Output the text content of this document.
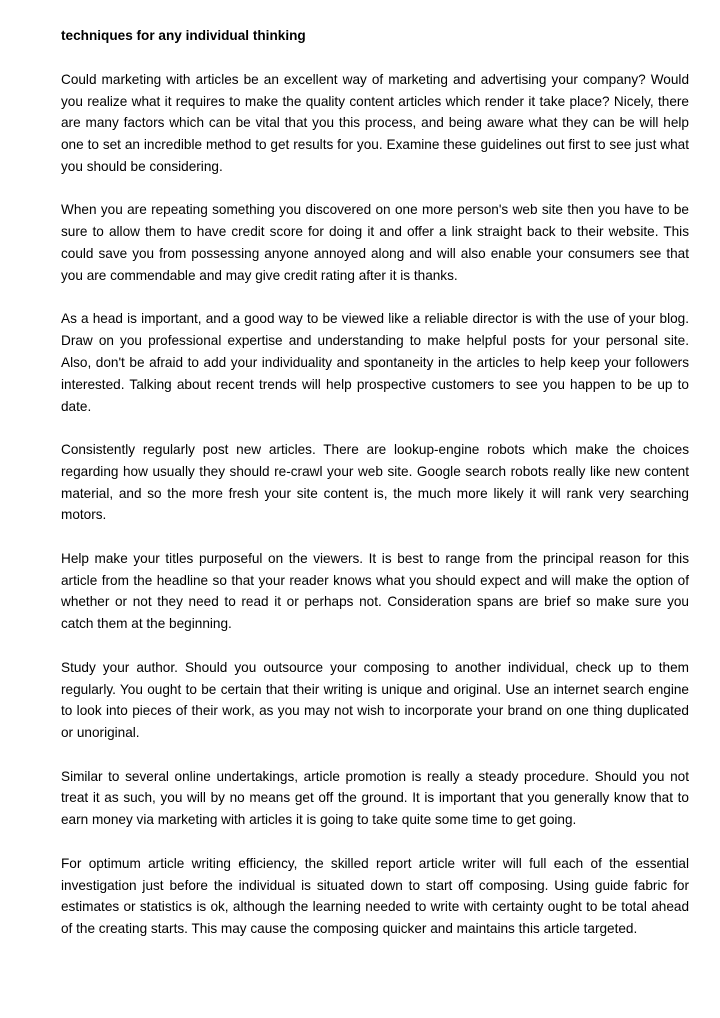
techniques for any individual thinking

Could marketing with articles be an excellent way of marketing and advertising your company? Would you realize what it requires to make the quality content articles which render it take place? Nicely, there are many factors which can be vital that you this process, and being aware what they can be will help one to set an incredible method to get results for you. Examine these guidelines out first to see just what you should be considering.

When you are repeating something you discovered on one more person's web site then you have to be sure to allow them to have credit score for doing it and offer a link straight back to their website. This could save you from possessing anyone annoyed along and will also enable your consumers see that you are commendable and may give credit rating after it is thanks.

As a head is important, and a good way to be viewed like a reliable director is with the use of your blog. Draw on you professional expertise and understanding to make helpful posts for your personal site. Also, don't be afraid to add your individuality and spontaneity in the articles to help keep your followers interested. Talking about recent trends will help prospective customers to see you happen to be up to date.

Consistently regularly post new articles. There are lookup-engine robots which make the choices regarding how usually they should re-crawl your web site. Google search robots really like new content material, and so the more fresh your site content is, the much more likely it will rank very searching motors.

Help make your titles purposeful on the viewers. It is best to range from the principal reason for this article from the headline so that your reader knows what you should expect and will make the option of whether or not they need to read it or perhaps not. Consideration spans are brief so make sure you catch them at the beginning.

Study your author. Should you outsource your composing to another individual, check up to them regularly. You ought to be certain that their writing is unique and original. Use an internet search engine to look into pieces of their work, as you may not wish to incorporate your brand on one thing duplicated or unoriginal.

Similar to several online undertakings, article promotion is really a steady procedure. Should you not treat it as such, you will by no means get off the ground. It is important that you generally know that to earn money via marketing with articles it is going to take quite some time to get going.

For optimum article writing efficiency, the skilled report article writer will full each of the essential investigation just before the individual is situated down to start off composing. Using guide fabric for estimates or statistics is ok, although the learning needed to write with certainty ought to be total ahead of the creating starts. This may cause the composing quicker and maintains this article targeted.
